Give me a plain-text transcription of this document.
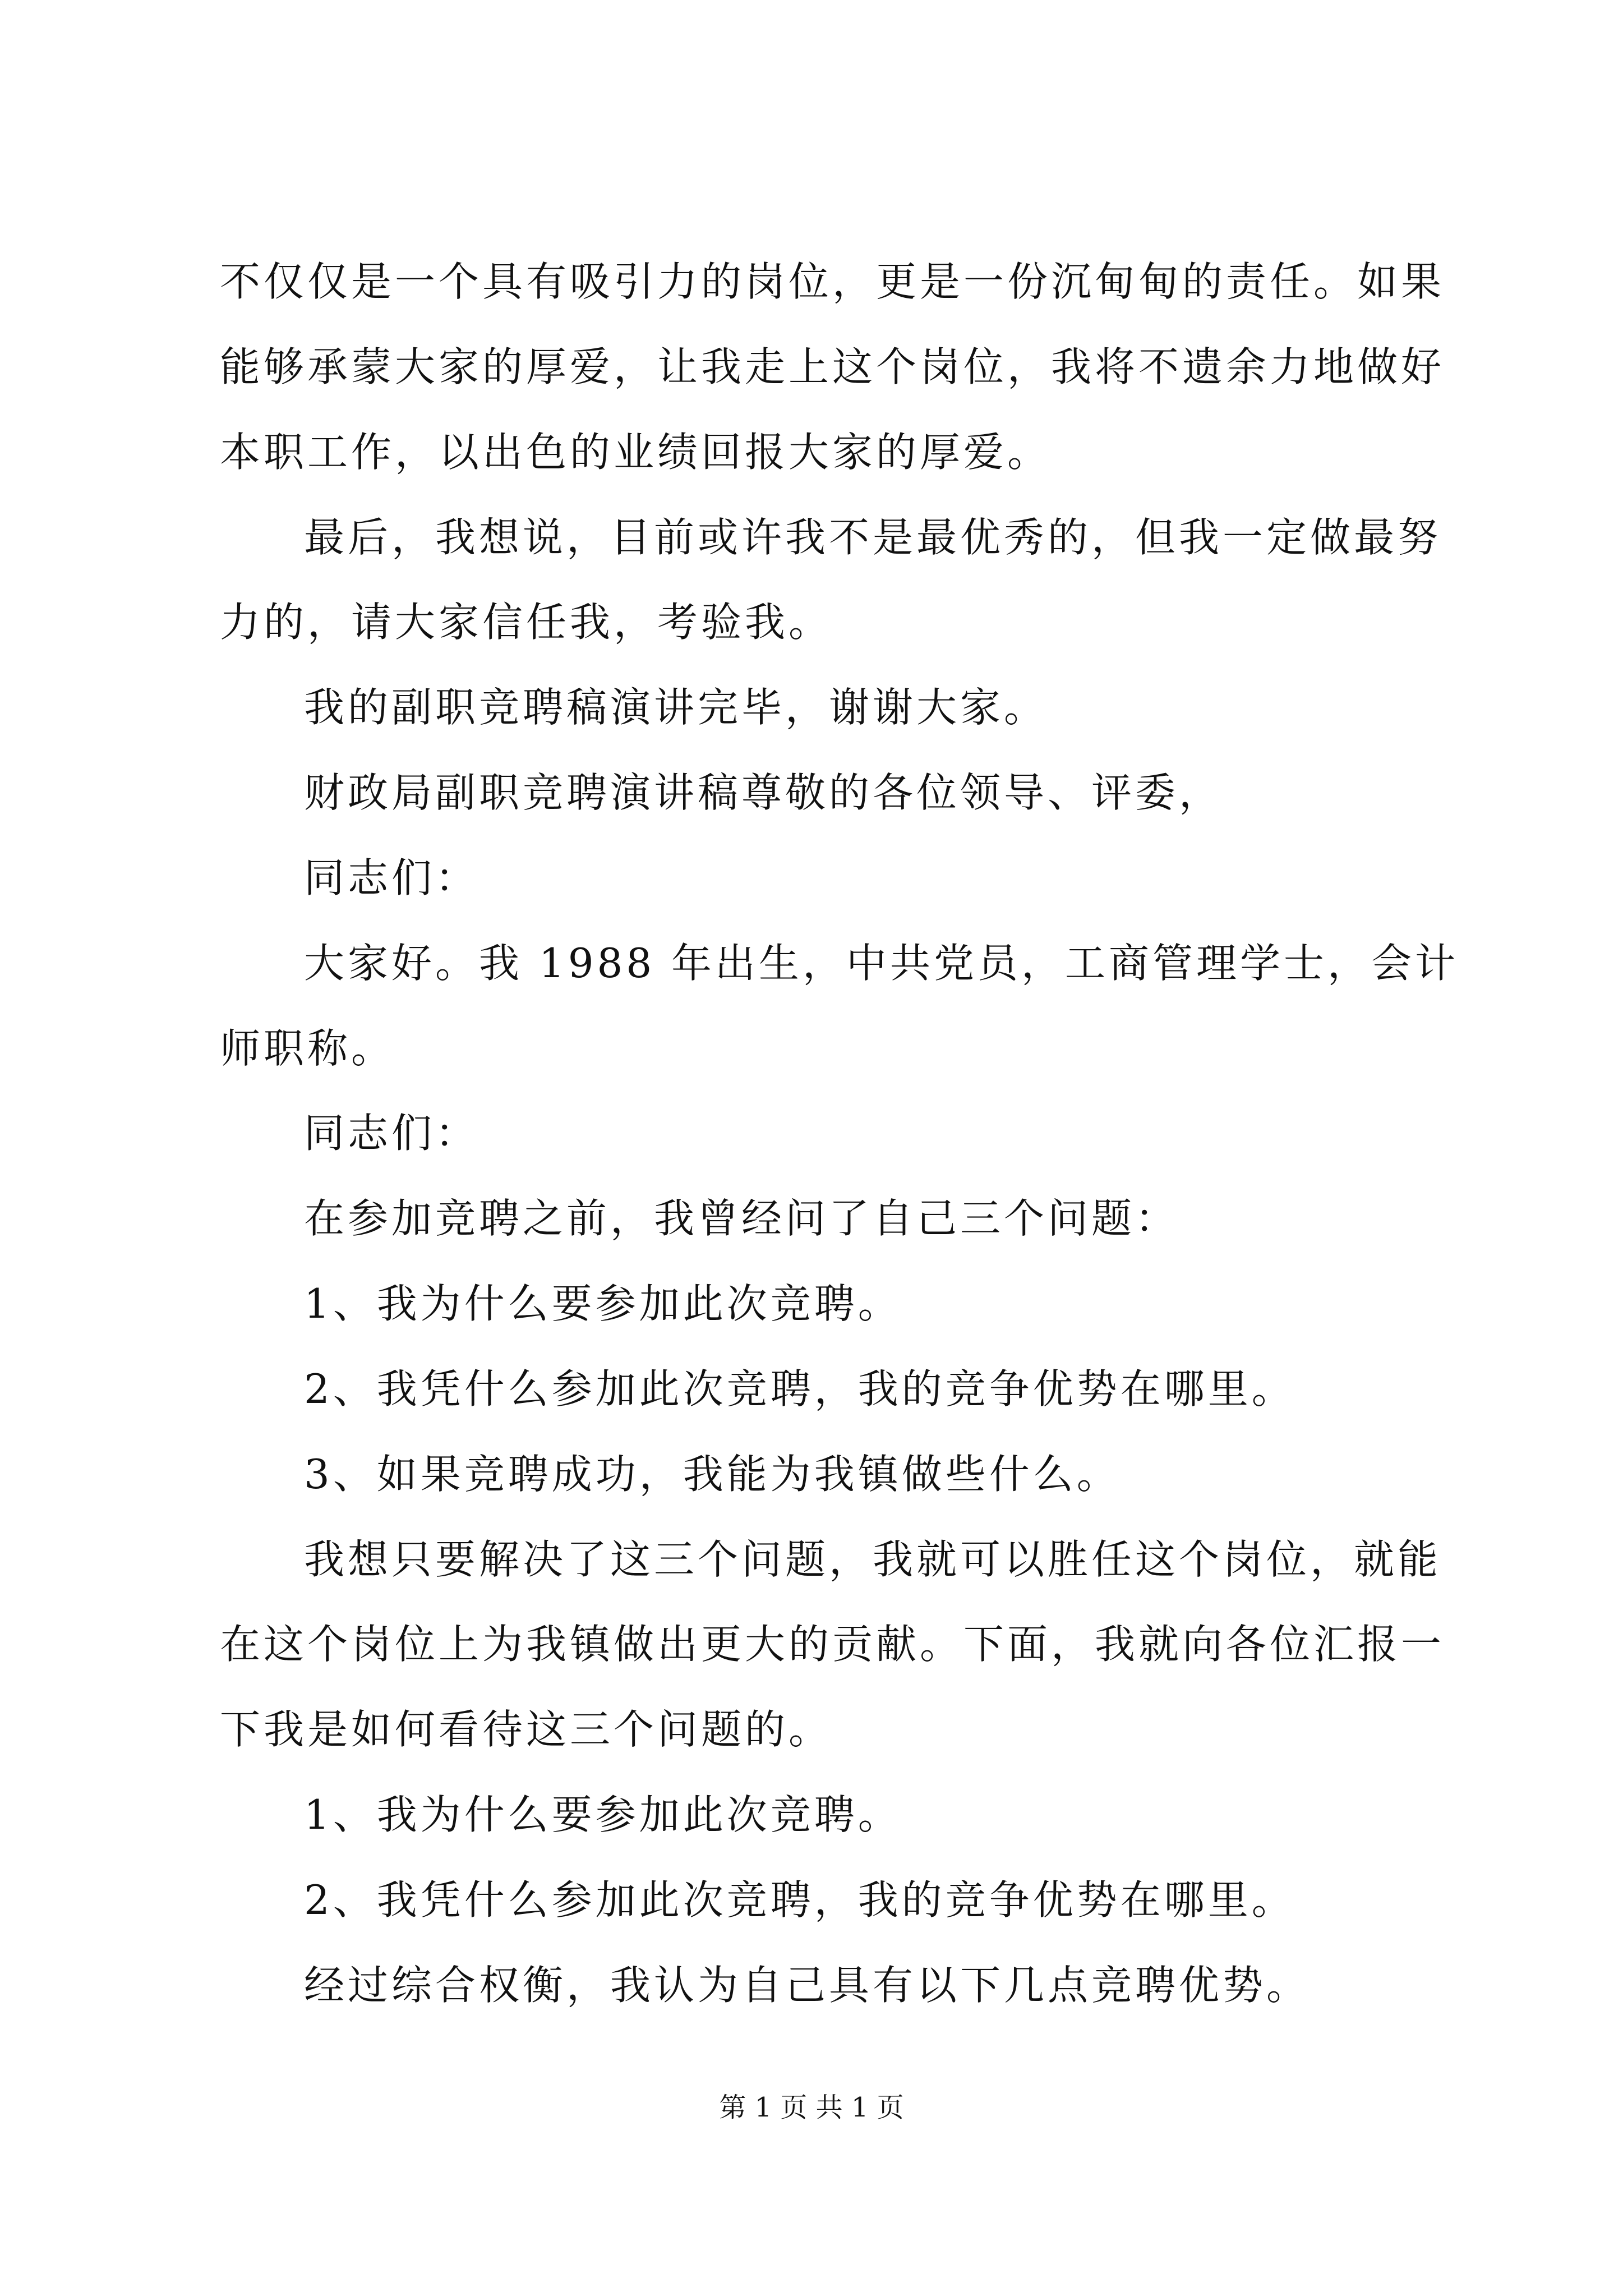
不仅仅是一个具有吸引力的岗位，更是一份沉甸甸的责任。如果
能够承蒙大家的厚爱，让我走上这个岗位，我将不遗余力地做好
本职工作，以出色的业绩回报大家的厚爱。
最后，我想说，目前或许我不是最优秀的，但我一定做最努
力的，请大家信任我，考验我。
我的副职竞聘稿演讲完毕，谢谢大家。
财政局副职竞聘演讲稿尊敬的各位领导、评委，
同志们：
大家好。我 1988 年出生，中共党员，工商管理学士，会计
师职称。
同志们：
在参加竞聘之前，我曾经问了自己三个问题：
1、我为什么要参加此次竞聘。
2、我凭什么参加此次竞聘，我的竞争优势在哪里。
3、如果竞聘成功，我能为我镇做些什么。
我想只要解决了这三个问题，我就可以胜任这个岗位，就能
在这个岗位上为我镇做出更大的贡献。下面，我就向各位汇报一
下我是如何看待这三个问题的。
1、我为什么要参加此次竞聘。
2、我凭什么参加此次竞聘，我的竞争优势在哪里。
经过综合权衡，我认为自己具有以下几点竞聘优势。
第 1 页 共 1 页
